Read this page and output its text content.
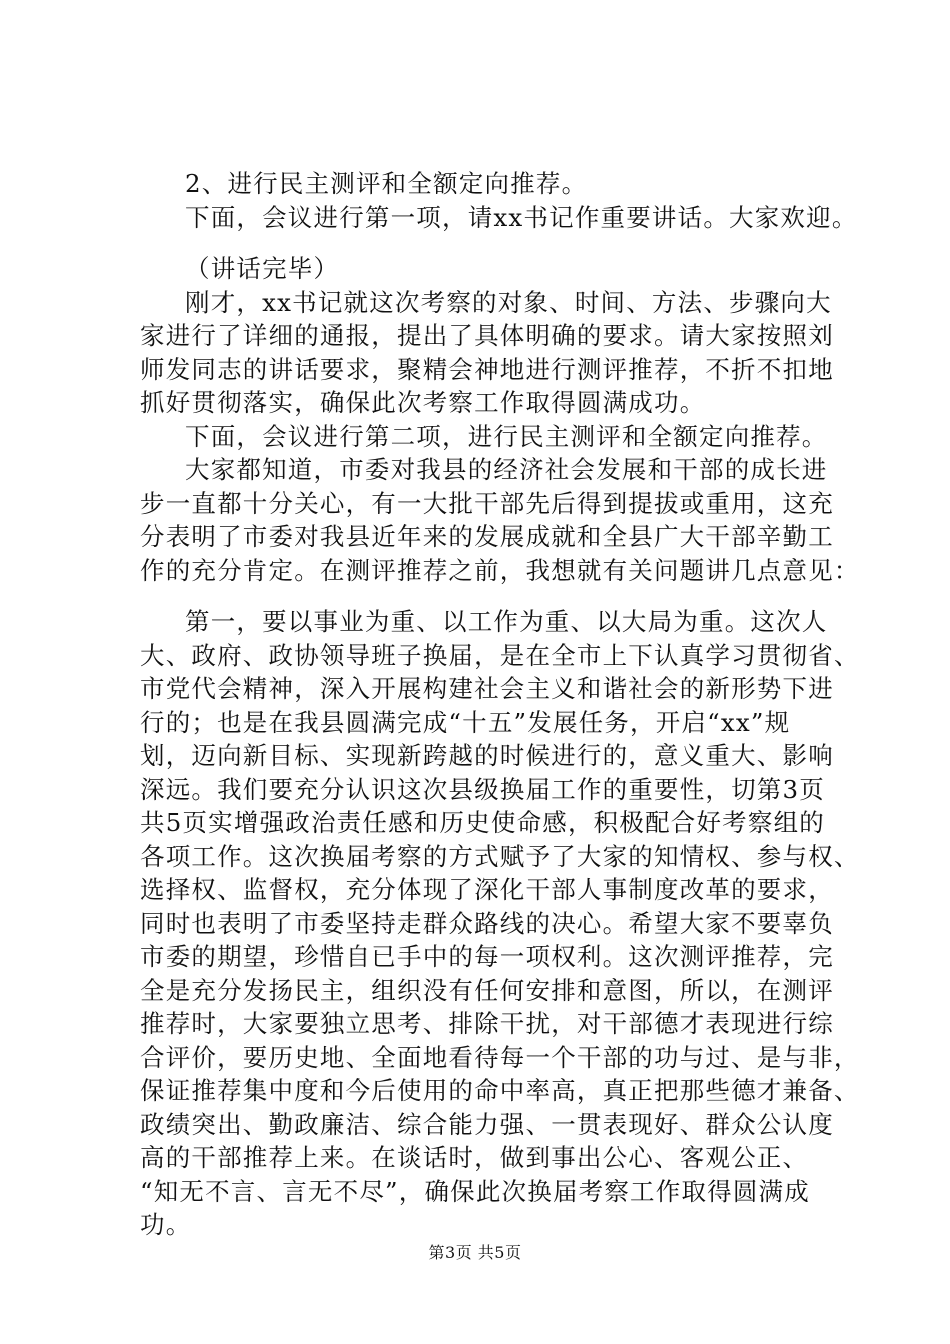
2、进行民主测评和全额定向推荐。
下面，会议进行第一项，请xx书记作重要讲话。大家欢迎。
（讲话完毕）
刚才，xx书记就这次考察的对象、时间、方法、步骤向大
家进行了详细的通报，提出了具体明确的要求。请大家按照刘
师发同志的讲话要求，聚精会神地进行测评推荐，不折不扣地
抓好贯彻落实，确保此次考察工作取得圆满成功。
下面，会议进行第二项，进行民主测评和全额定向推荐。
大家都知道，市委对我县的经济社会发展和干部的成长进
步一直都十分关心，有一大批干部先后得到提拔或重用，这充
分表明了市委对我县近年来的发展成就和全县广大干部辛勤工
作的充分肯定。在测评推荐之前，我想就有关问题讲几点意见：
第一，要以事业为重、以工作为重、以大局为重。这次人
大、政府、政协领导班子换届，是在全市上下认真学习贯彻省、
市党代会精神，深入开展构建社会主义和谐社会的新形势下进
行的；也是在我县圆满完成“十五”发展任务，开启“xx”规
划，迈向新目标、实现新跨越的时候进行的，意义重大、影响
深远。我们要充分认识这次县级换届工作的重要性，切第3页
共5页实增强政治责任感和历史使命感，积极配合好考察组的
各项工作。这次换届考察的方式赋予了大家的知情权、参与权、
选择权、监督权，充分体现了深化干部人事制度改革的要求，
同时也表明了市委坚持走群众路线的决心。希望大家不要辜负
市委的期望，珍惜自已手中的每一项权利。这次测评推荐，完
全是充分发扬民主，组织没有任何安排和意图，所以，在测评
推荐时，大家要独立思考、排除干扰，对干部德才表现进行综
合评价，要历史地、全面地看待每一个干部的功与过、是与非，
保证推荐集中度和今后使用的命中率高，真正把那些德才兼备、
政绩突出、勤政廉洁、综合能力强、一贯表现好、群众公认度
高的干部推荐上来。在谈话时，做到事出公心、客观公正、
“知无不言、言无不尽”，确保此次换届考察工作取得圆满成
功。
第3页 共5页
